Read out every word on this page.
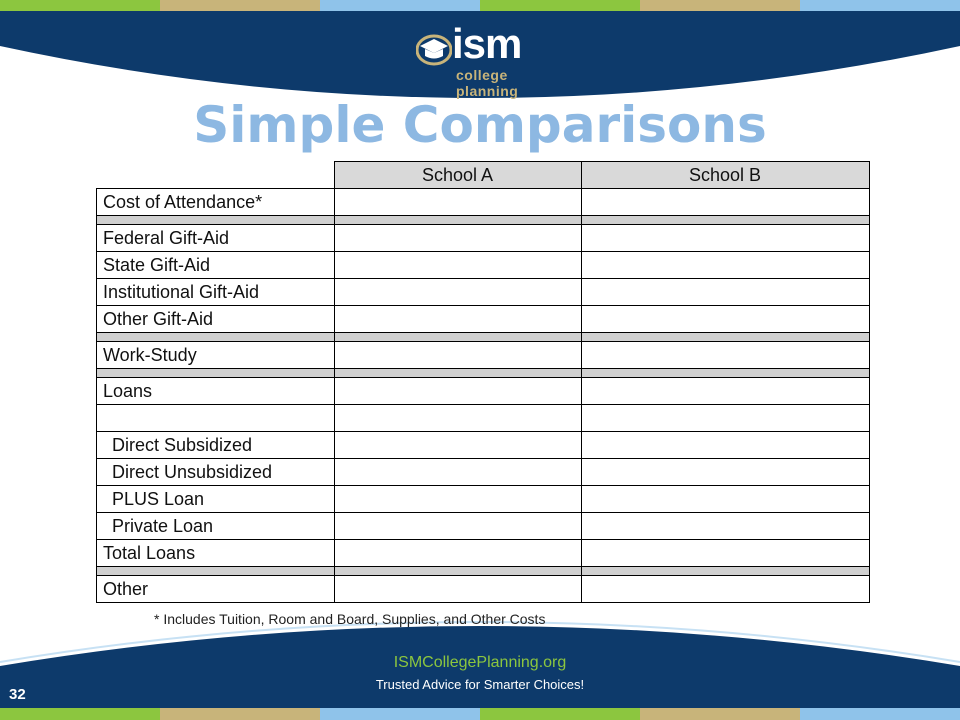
ism
college planning
Simple Comparisons
	School A	School B
Cost of Attendance*		

Federal Gift-Aid		
State Gift-Aid		
Institutional Gift-Aid		
Other Gift-Aid		

Work-Study		

Loans		

Direct Subsidized		
Direct Unsubsidized		
PLUS Loan		
Private Loan		
Total Loans		

Other		
* Includes Tuition, Room and Board, Supplies, and Other Costs
ISMCollegePlanning.org
Trusted Advice for Smarter Choices!
32
